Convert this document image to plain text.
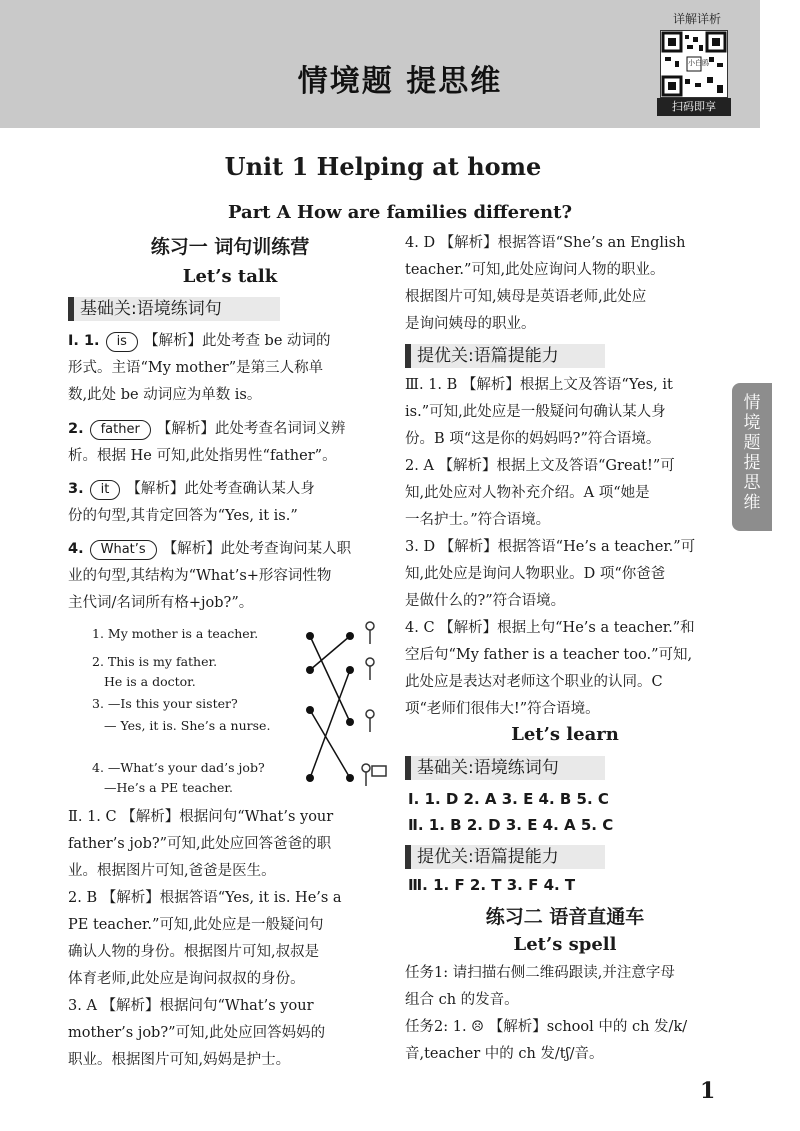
情境题 提思维
详解详析
小白鸥
扫码即享
情境题 提思维
Unit 1 Helping at home
Part A How are families different?
练习一 词句训练营
Let’s talk
基础关:语境练词句
Ⅰ. 1. is 【解析】此处考查 be 动词的
形式。主语“My mother”是第三人称单
数,此处 be 动词应为单数 is。
2. father 【解析】此处考查名词词义辨
析。根据 He 可知,此处指男性“father”。
3. it 【解析】此处考查确认某人身
份的句型,其肯定回答为“Yes, it is.”
4. What’s 【解析】此处考查询问某人职
业的句型,其结构为“What’s+形容词性物
主代词/名词所有格+job?”。
1. My mother is a teacher.
2. This is my father.
He is a doctor.
3. —Is this your sister?
— Yes, it is. She’s a nurse.
4. —What’s your dad’s job?
—He’s a PE teacher.
Ⅱ. 1. C 【解析】根据问句“What’s your
father’s job?”可知,此处应回答爸爸的职
业。根据图片可知,爸爸是医生。
2. B 【解析】根据答语“Yes, it is. He’s a
PE teacher.”可知,此处应是一般疑问句
确认人物的身份。根据图片可知,叔叔是
体育老师,此处应是询问叔叔的身份。
3. A 【解析】根据问句“What’s your
mother’s job?”可知,此处应回答妈妈的
职业。根据图片可知,妈妈是护士。
4. D 【解析】根据答语“She’s an English
teacher.”可知,此处应询问人物的职业。
根据图片可知,姨母是英语老师,此处应
是询问姨母的职业。
提优关:语篇提能力
Ⅲ. 1. B 【解析】根据上文及答语“Yes, it
is.”可知,此处应是一般疑问句确认某人身
份。B 项“这是你的妈妈吗?”符合语境。
2. A 【解析】根据上文及答语“Great!”可
知,此处应对人物补充介绍。A 项“她是
一名护士。”符合语境。
3. D 【解析】根据答语“He’s a teacher.”可
知,此处应是询问人物职业。D 项“你爸爸
是做什么的?”符合语境。
4. C 【解析】根据上句“He’s a teacher.”和
空后句“My father is a teacher too.”可知,
此处应是表达对老师这个职业的认同。C
项“老师们很伟大!”符合语境。
Let’s learn
基础关:语境练词句
Ⅰ. 1. D 2. A 3. E 4. B 5. C
Ⅱ. 1. B 2. D 3. E 4. A 5. C
提优关:语篇提能力
Ⅲ. 1. F 2. T 3. F 4. T
练习二 语音直通车
Let’s spell
任务1: 请扫描右侧二维码跟读,并注意字母
组合 ch 的发音。
任务2: 1. ☹ 【解析】school 中的 ch 发/k/
音,teacher 中的 ch 发/tʃ/音。
1
